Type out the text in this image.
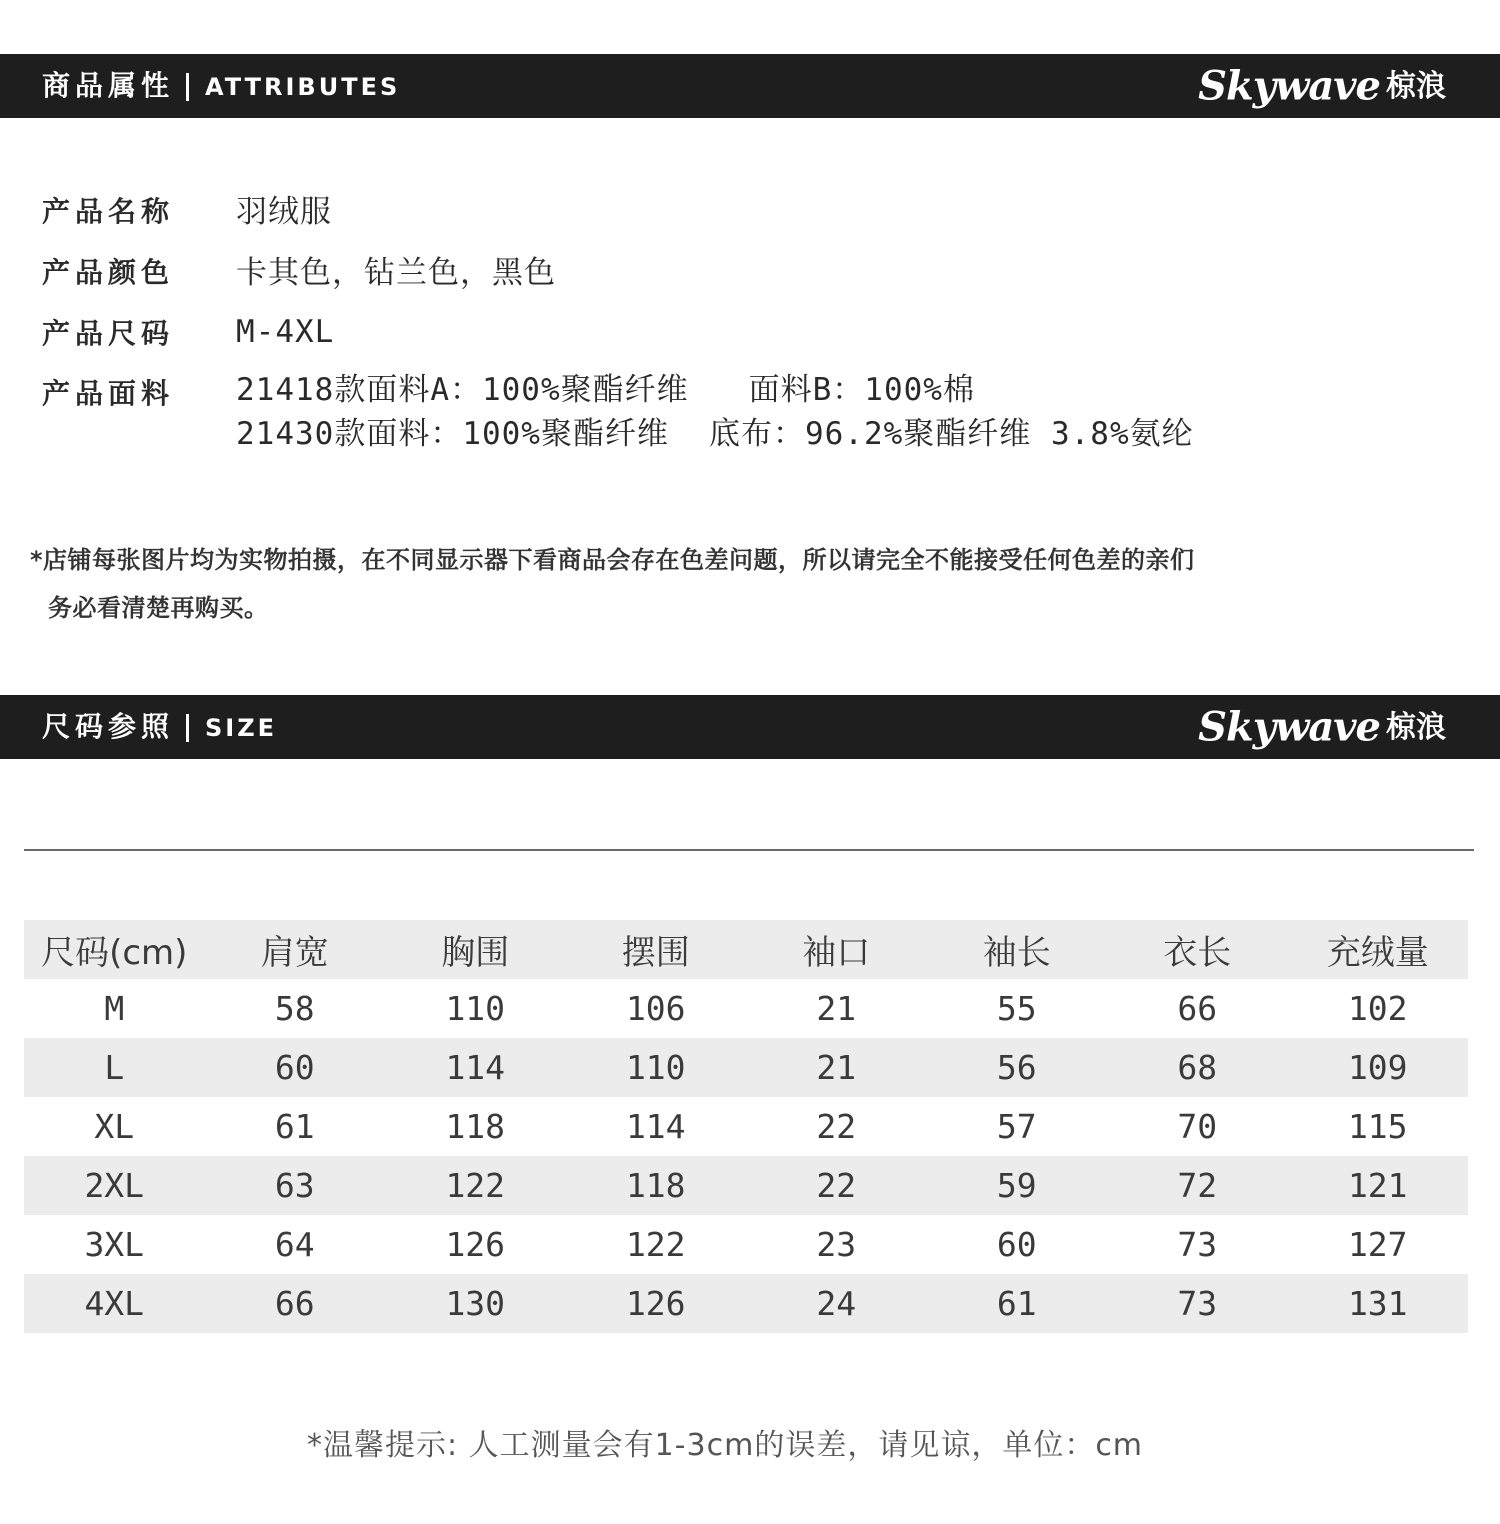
商品属性 ATTRIBUTES	Skywave 椋浪
产品名称 羽绒服
产品颜色 卡其色，钻兰色，黑色
产品尺码 M-4XL
产品面料 21418款面料A：100%聚酯纤维 面料B：100%棉
21430款面料：100%聚酯纤维 底布：96.2%聚酯纤维 3.8%氨纶
*店铺每张图片均为实物拍摄，在不同显示器下看商品会存在色差问题，所以请完全不能接受任何色差的亲们
务必看清楚再购买。
尺码参照 SIZE	Skywave 椋浪
尺码(cm)	肩宽	胸围	摆围	袖口	袖长	衣长	充绒量
M	58	110	106	21	55	66	102
L	60	114	110	21	56	68	109
XL	61	118	114	22	57	70	115
2XL	63	122	118	22	59	72	121
3XL	64	126	122	23	60	73	127
4XL	66	130	126	24	61	73	131
*温馨提示: 人工测量会有1-3cm的误差，请见谅，单位：cm
